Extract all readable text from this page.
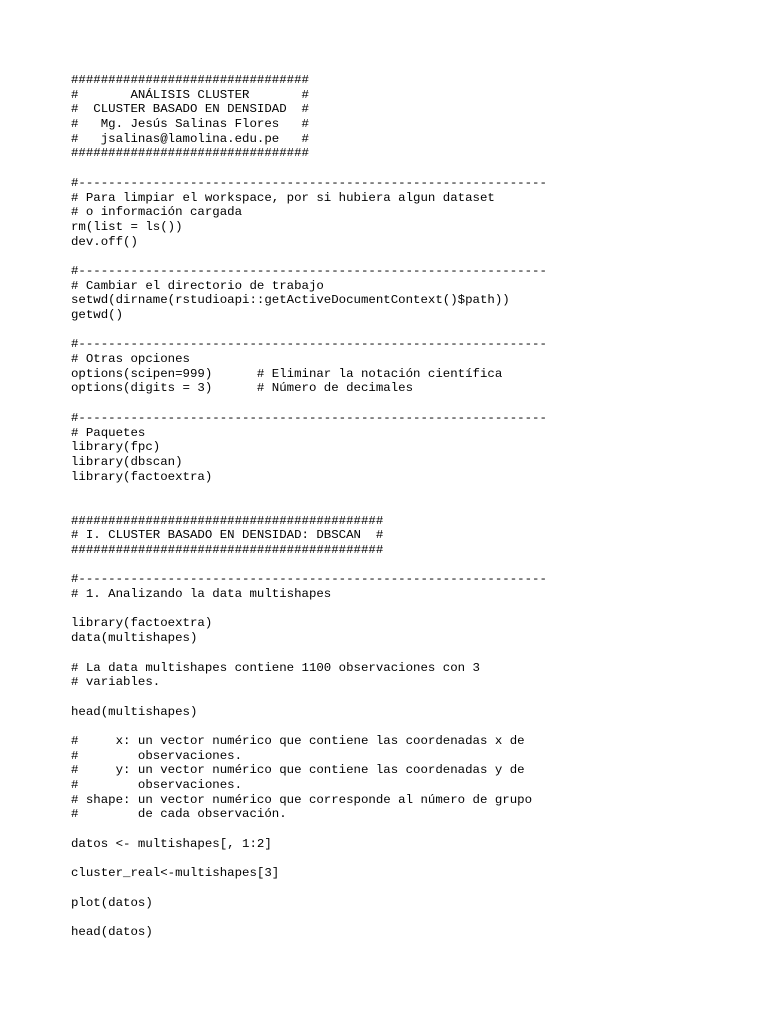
################################
#       ANÁLISIS CLUSTER       #
#  CLUSTER BASADO EN DENSIDAD  #
#   Mg. Jesús Salinas Flores   #
#   jsalinas@lamolina.edu.pe   #
################################
#---------------------------------------------------------------
# Para limpiar el workspace, por si hubiera algun dataset
# o información cargada
rm(list = ls())
dev.off()
#---------------------------------------------------------------
# Cambiar el directorio de trabajo
setwd(dirname(rstudioapi::getActiveDocumentContext()$path))
getwd()
#---------------------------------------------------------------
# Otras opciones
options(scipen=999)      # Eliminar la notación científica
options(digits = 3)      # Número de decimales
#---------------------------------------------------------------
# Paquetes
library(fpc)
library(dbscan)
library(factoextra)
##########################################
# I. CLUSTER BASADO EN DENSIDAD: DBSCAN  #
##########################################
#---------------------------------------------------------------
# 1. Analizando la data multishapes
library(factoextra)
data(multishapes)
# La data multishapes contiene 1100 observaciones con 3
# variables.
head(multishapes)
#     x: un vector numérico que contiene las coordenadas x de
#        observaciones.
#     y: un vector numérico que contiene las coordenadas y de
#        observaciones.
# shape: un vector numérico que corresponde al número de grupo
#        de cada observación.
datos <- multishapes[, 1:2]
cluster_real<-multishapes[3]
plot(datos)
head(datos)
